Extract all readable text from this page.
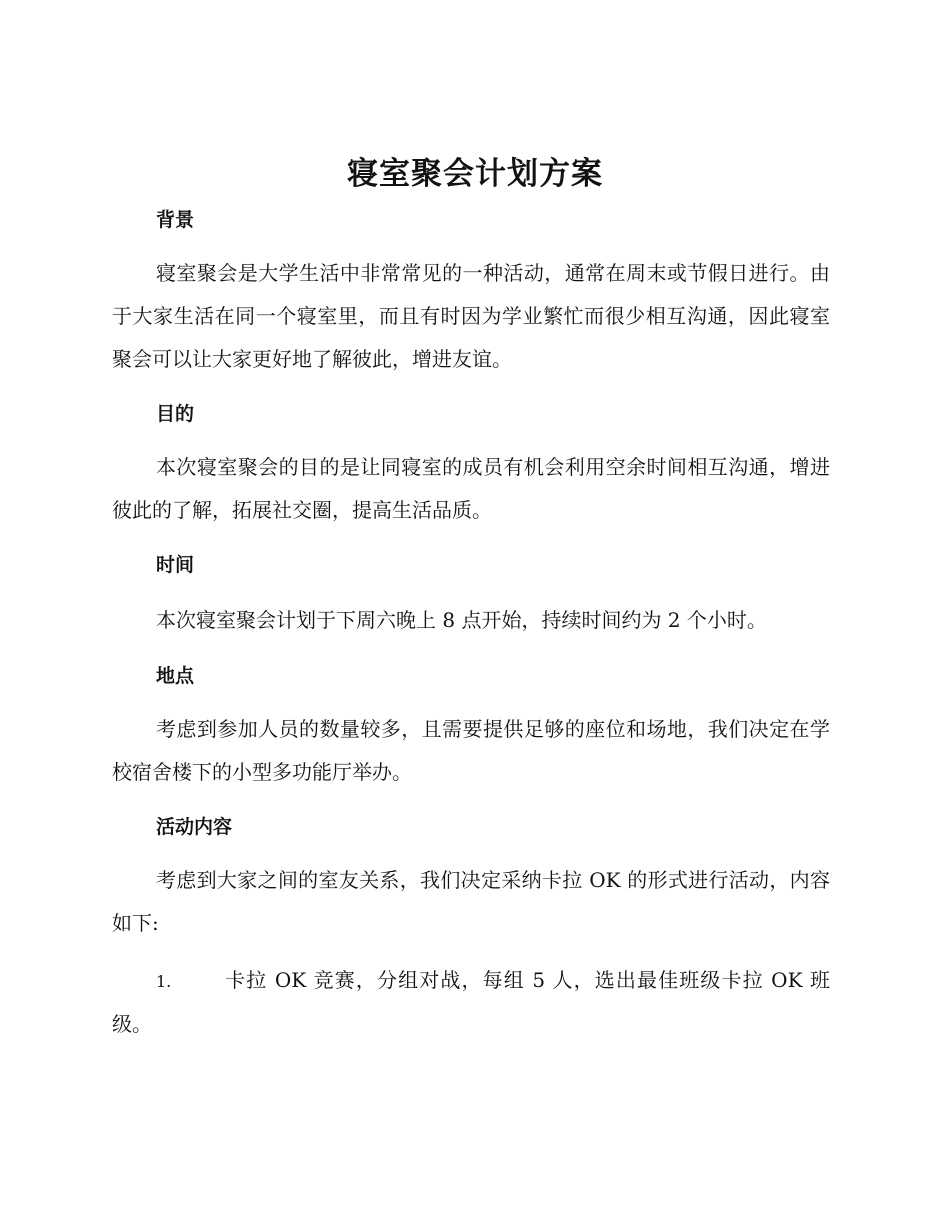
寝室聚会计划方案
背景

寝室聚会是大学生活中非常常见的一种活动，通常在周末或节假日进行。由于大家生活在同一个寝室里，而且有时因为学业繁忙而很少相互沟通，因此寝室聚会可以让大家更好地了解彼此，增进友谊。

目的

本次寝室聚会的目的是让同寝室的成员有机会利用空余时间相互沟通，增进彼此的了解，拓展社交圈，提高生活品质。

时间

本次寝室聚会计划于下周六晚上 8 点开始，持续时间约为 2 个小时。

地点

考虑到参加人员的数量较多，且需要提供足够的座位和场地，我们决定在学校宿舍楼下的小型多功能厅举办。

活动内容

考虑到大家之间的室友关系，我们决定采纳卡拉 OK 的形式进行活动，内容如下:

1.	卡拉 OK 竞赛，分组对战，每组 5 人，选出最佳班级卡拉 OK 班级。
